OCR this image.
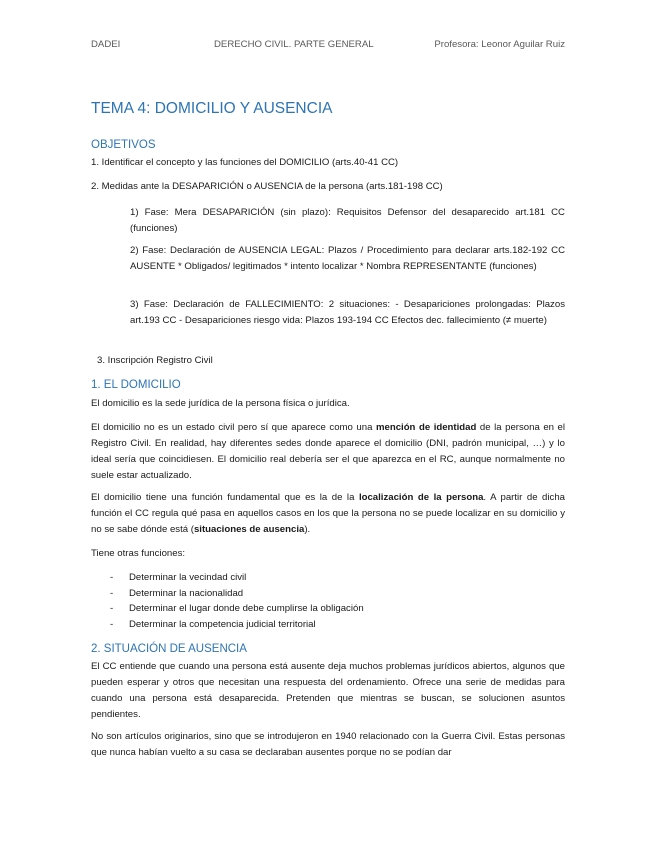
DADEI	DERECHO CIVIL. PARTE GENERAL	Profesora: Leonor Aguilar Ruiz
TEMA 4: DOMICILIO Y AUSENCIA
OBJETIVOS

1. Identificar el concepto y las funciones del DOMICILIO (arts.40-41 CC)

2. Medidas ante la DESAPARICIÓN o AUSENCIA de la persona (arts.181-198 CC)

1) Fase: Mera DESAPARICIÓN (sin plazo): Requisitos Defensor del desaparecido art.181 CC (funciones)

2) Fase: Declaración de AUSENCIA LEGAL: Plazos / Procedimiento para declarar arts.182-192 CC AUSENTE * Obligados/ legitimados * intento localizar * Nombra REPRESENTANTE (funciones)

3) Fase: Declaración de FALLECIMIENTO: 2 situaciones: - Desapariciones prolongadas: Plazos art.193 CC - Desapariciones riesgo vida: Plazos 193-194 CC Efectos dec. fallecimiento (≠ muerte)

3. Inscripción Registro Civil

1. EL DOMICILIO

El domicilio es la sede jurídica de la persona física o jurídica.

El domicilio no es un estado civil pero sí que aparece como una mención de identidad de la persona en el Registro Civil. En realidad, hay diferentes sedes donde aparece el domicilio (DNI, padrón municipal, …) y lo ideal sería que coincidiesen. El domicilio real debería ser el que aparezca en el RC, aunque normalmente no suele estar actualizado.

El domicilio tiene una función fundamental que es la de la localización de la persona. A partir de dicha función el CC regula qué pasa en aquellos casos en los que la persona no se puede localizar en su domicilio y no se sabe dónde está (situaciones de ausencia).

Tiene otras funciones:

- Determinar la vecindad civil
- Determinar la nacionalidad
- Determinar el lugar donde debe cumplirse la obligación
- Determinar la competencia judicial territorial
2. SITUACIÓN DE AUSENCIA

El CC entiende que cuando una persona está ausente deja muchos problemas jurídicos abiertos, algunos que pueden esperar y otros que necesitan una respuesta del ordenamiento. Ofrece una serie de medidas para cuando una persona está desaparecida. Pretenden que mientras se buscan, se solucionen asuntos pendientes.

No son artículos originarios, sino que se introdujeron en 1940 relacionado con la Guerra Civil. Estas personas que nunca habían vuelto a su casa se declaraban ausentes porque no se podían dar
